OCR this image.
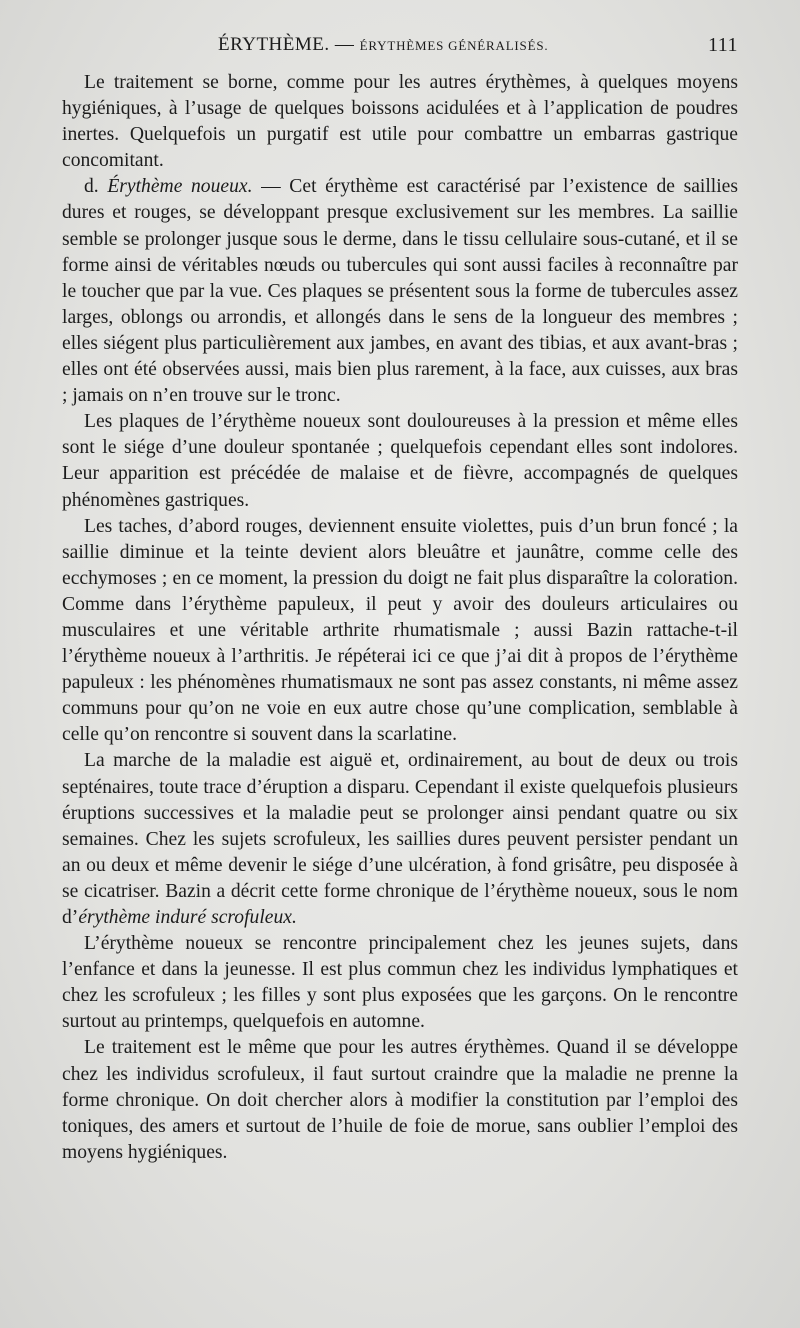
ÉRYTHÈME. — ÉRYTHÈMES GÉNÉRALISÉS.	111

Le traitement se borne, comme pour les autres érythèmes, à quelques moyens hygiéniques, à l’usage de quelques boissons acidulées et à l’application de poudres inertes. Quelquefois un purgatif est utile pour combattre un embarras gastrique concomitant.

d. Érythème noueux. — Cet érythème est caractérisé par l’existence de saillies dures et rouges, se développant presque exclusivement sur les membres. La saillie semble se prolonger jusque sous le derme, dans le tissu cellulaire sous-cutané, et il se forme ainsi de véritables nœuds ou tubercules qui sont aussi faciles à reconnaître par le toucher que par la vue. Ces plaques se présentent sous la forme de tubercules assez larges, oblongs ou arrondis, et allongés dans le sens de la longueur des membres ; elles siégent plus particulièrement aux jambes, en avant des tibias, et aux avant-bras ; elles ont été observées aussi, mais bien plus rarement, à la face, aux cuisses, aux bras ; jamais on n’en trouve sur le tronc.

Les plaques de l’érythème noueux sont douloureuses à la pression et même elles sont le siége d’une douleur spontanée ; quelquefois cependant elles sont indolores. Leur apparition est précédée de malaise et de fièvre, accompagnés de quelques phénomènes gastriques.

Les taches, d’abord rouges, deviennent ensuite violettes, puis d’un brun foncé ; la saillie diminue et la teinte devient alors bleuâtre et jaunâtre, comme celle des ecchymoses ; en ce moment, la pression du doigt ne fait plus disparaître la coloration. Comme dans l’érythème papuleux, il peut y avoir des douleurs articulaires ou musculaires et une véritable arthrite rhumatismale ; aussi Bazin rattache-t-il l’érythème noueux à l’arthritis. Je répéterai ici ce que j’ai dit à propos de l’érythème papuleux : les phénomènes rhumatismaux ne sont pas assez constants, ni même assez communs pour qu’on ne voie en eux autre chose qu’une complication, semblable à celle qu’on rencontre si souvent dans la scarlatine.

La marche de la maladie est aiguë et, ordinairement, au bout de deux ou trois septénaires, toute trace d’éruption a disparu. Cependant il existe quelquefois plusieurs éruptions successives et la maladie peut se prolonger ainsi pendant quatre ou six semaines. Chez les sujets scrofuleux, les saillies dures peuvent persister pendant un an ou deux et même devenir le siége d’une ulcération, à fond grisâtre, peu disposée à se cicatriser. Bazin a décrit cette forme chronique de l’érythème noueux, sous le nom d’érythème induré scrofuleux.

L’érythème noueux se rencontre principalement chez les jeunes sujets, dans l’enfance et dans la jeunesse. Il est plus commun chez les individus lymphatiques et chez les scrofuleux ; les filles y sont plus exposées que les garçons. On le rencontre surtout au printemps, quelquefois en automne.

Le traitement est le même que pour les autres érythèmes. Quand il se développe chez les individus scrofuleux, il faut surtout craindre que la maladie ne prenne la forme chronique. On doit chercher alors à modifier la constitution par l’emploi des toniques, des amers et surtout de l’huile de foie de morue, sans oublier l’emploi des moyens hygiéniques.
